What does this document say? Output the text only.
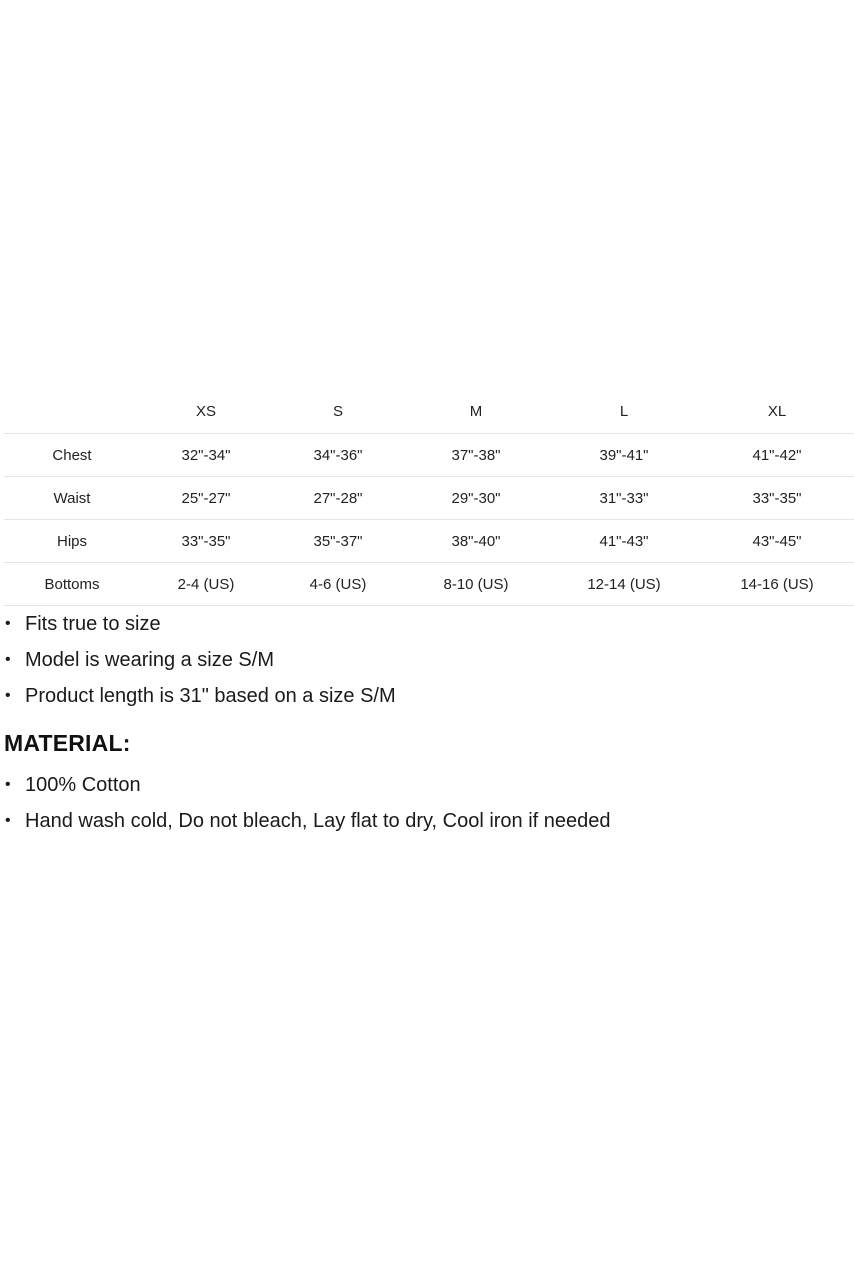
	XS	S	M	L	XL
Chest	32"-34"	34"-36"	37"-38"	39"-41"	41"-42"
Waist	25"-27"	27"-28"	29"-30"	31"-33"	33"-35"
Hips	33"-35"	35"-37"	38"-40"	41"-43"	43"-45"
Bottoms	2-4 (US)	4-6 (US)	8-10 (US)	12-14 (US)	14-16 (US)
• Fits true to size
• Model is wearing a size S/M
• Product length is 31" based on a size S/M
MATERIAL:
• 100% Cotton
• Hand wash cold, Do not bleach, Lay flat to dry, Cool iron if needed
